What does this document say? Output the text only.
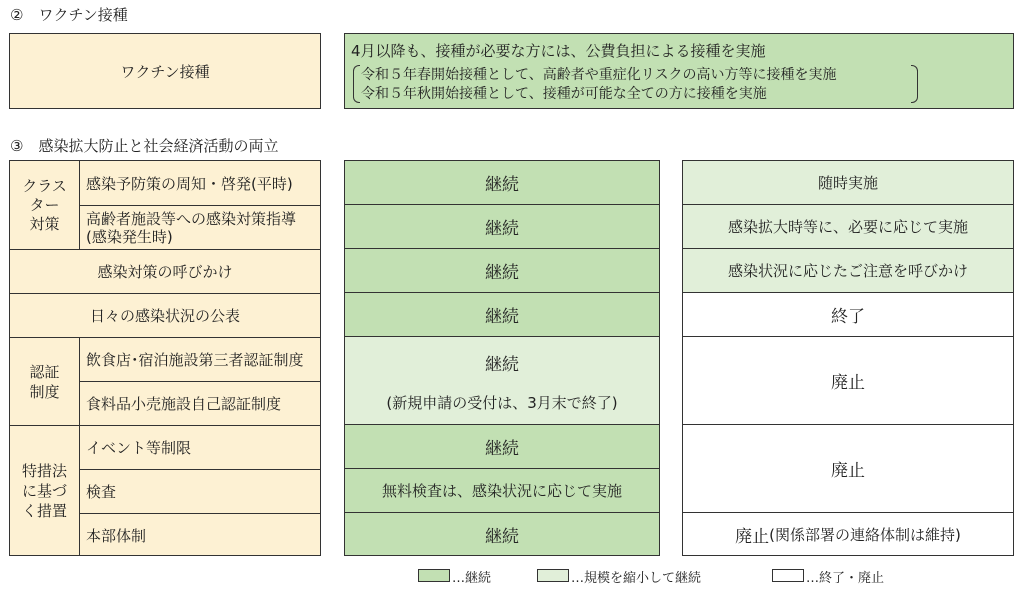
②　ワクチン接種
ワクチン接種
4月以降も、接種が必要な方には、公費負担による接種を実施
令和５年春開始接種として、高齢者や重症化リスクの高い方等に接種を実施
令和５年秋開始接種として、接種が可能な全ての方に接種を実施
③　感染拡大防止と社会経済活動の両立
クラス
ター
対策
感染予防策の周知・啓発(平時)
高齢者施設等への感染対策指導
(感染発生時)
感染対策の呼びかけ
日々の感染状況の公表
認証
制度
飲食店･宿泊施設第三者認証制度
食料品小売施設自己認証制度
特措法
に基づ
く措置
イベント等制限
検査
本部体制
継続
継続
継続
継続
継続
(新規申請の受付は、3月末で終了)
継続
無料検査は、感染状況に応じて実施
継続
随時実施
感染拡大時等に、必要に応じて実施
感染状況に応じたご注意を呼びかけ
終了
廃止
廃止
廃止 (関係部署の連絡体制は維持)
…継続	…規模を縮小して継続	…終了・廃止
